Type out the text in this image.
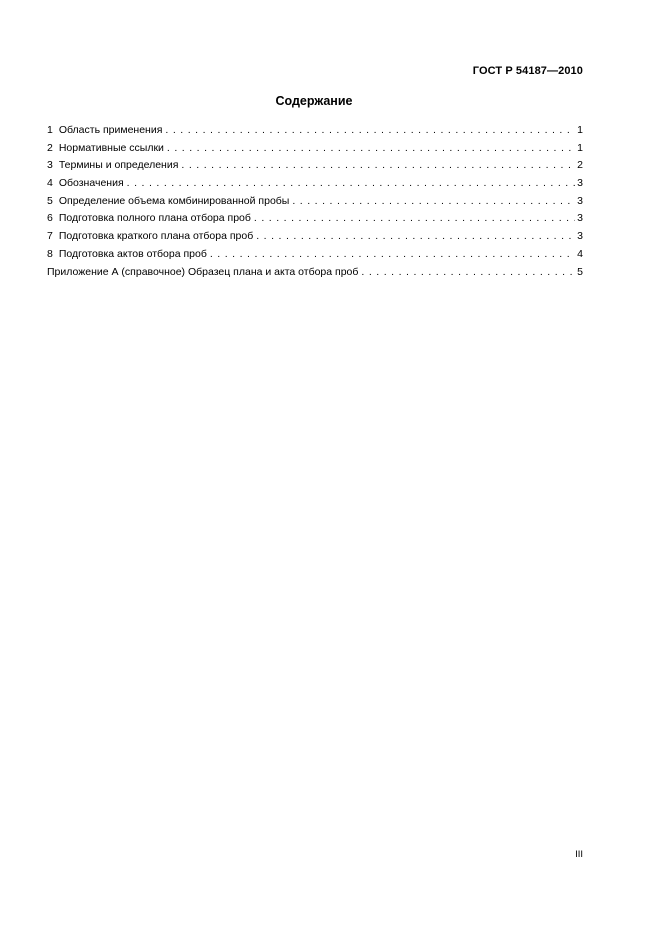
ГОСТ Р 54187—2010
Содержание
1 Область применения . . .	1
2 Нормативные ссылки . . .	1
3 Термины и определения . . .	2
4 Обозначения . . .	3
5 Определение объема комбинированной пробы . . .	3
6 Подготовка полного плана отбора проб . . .	3
7 Подготовка краткого плана отбора проб . . .	3
8 Подготовка актов отбора проб . . .	4
Приложение А (справочное) Образец плана и акта отбора проб . . .	5
III
